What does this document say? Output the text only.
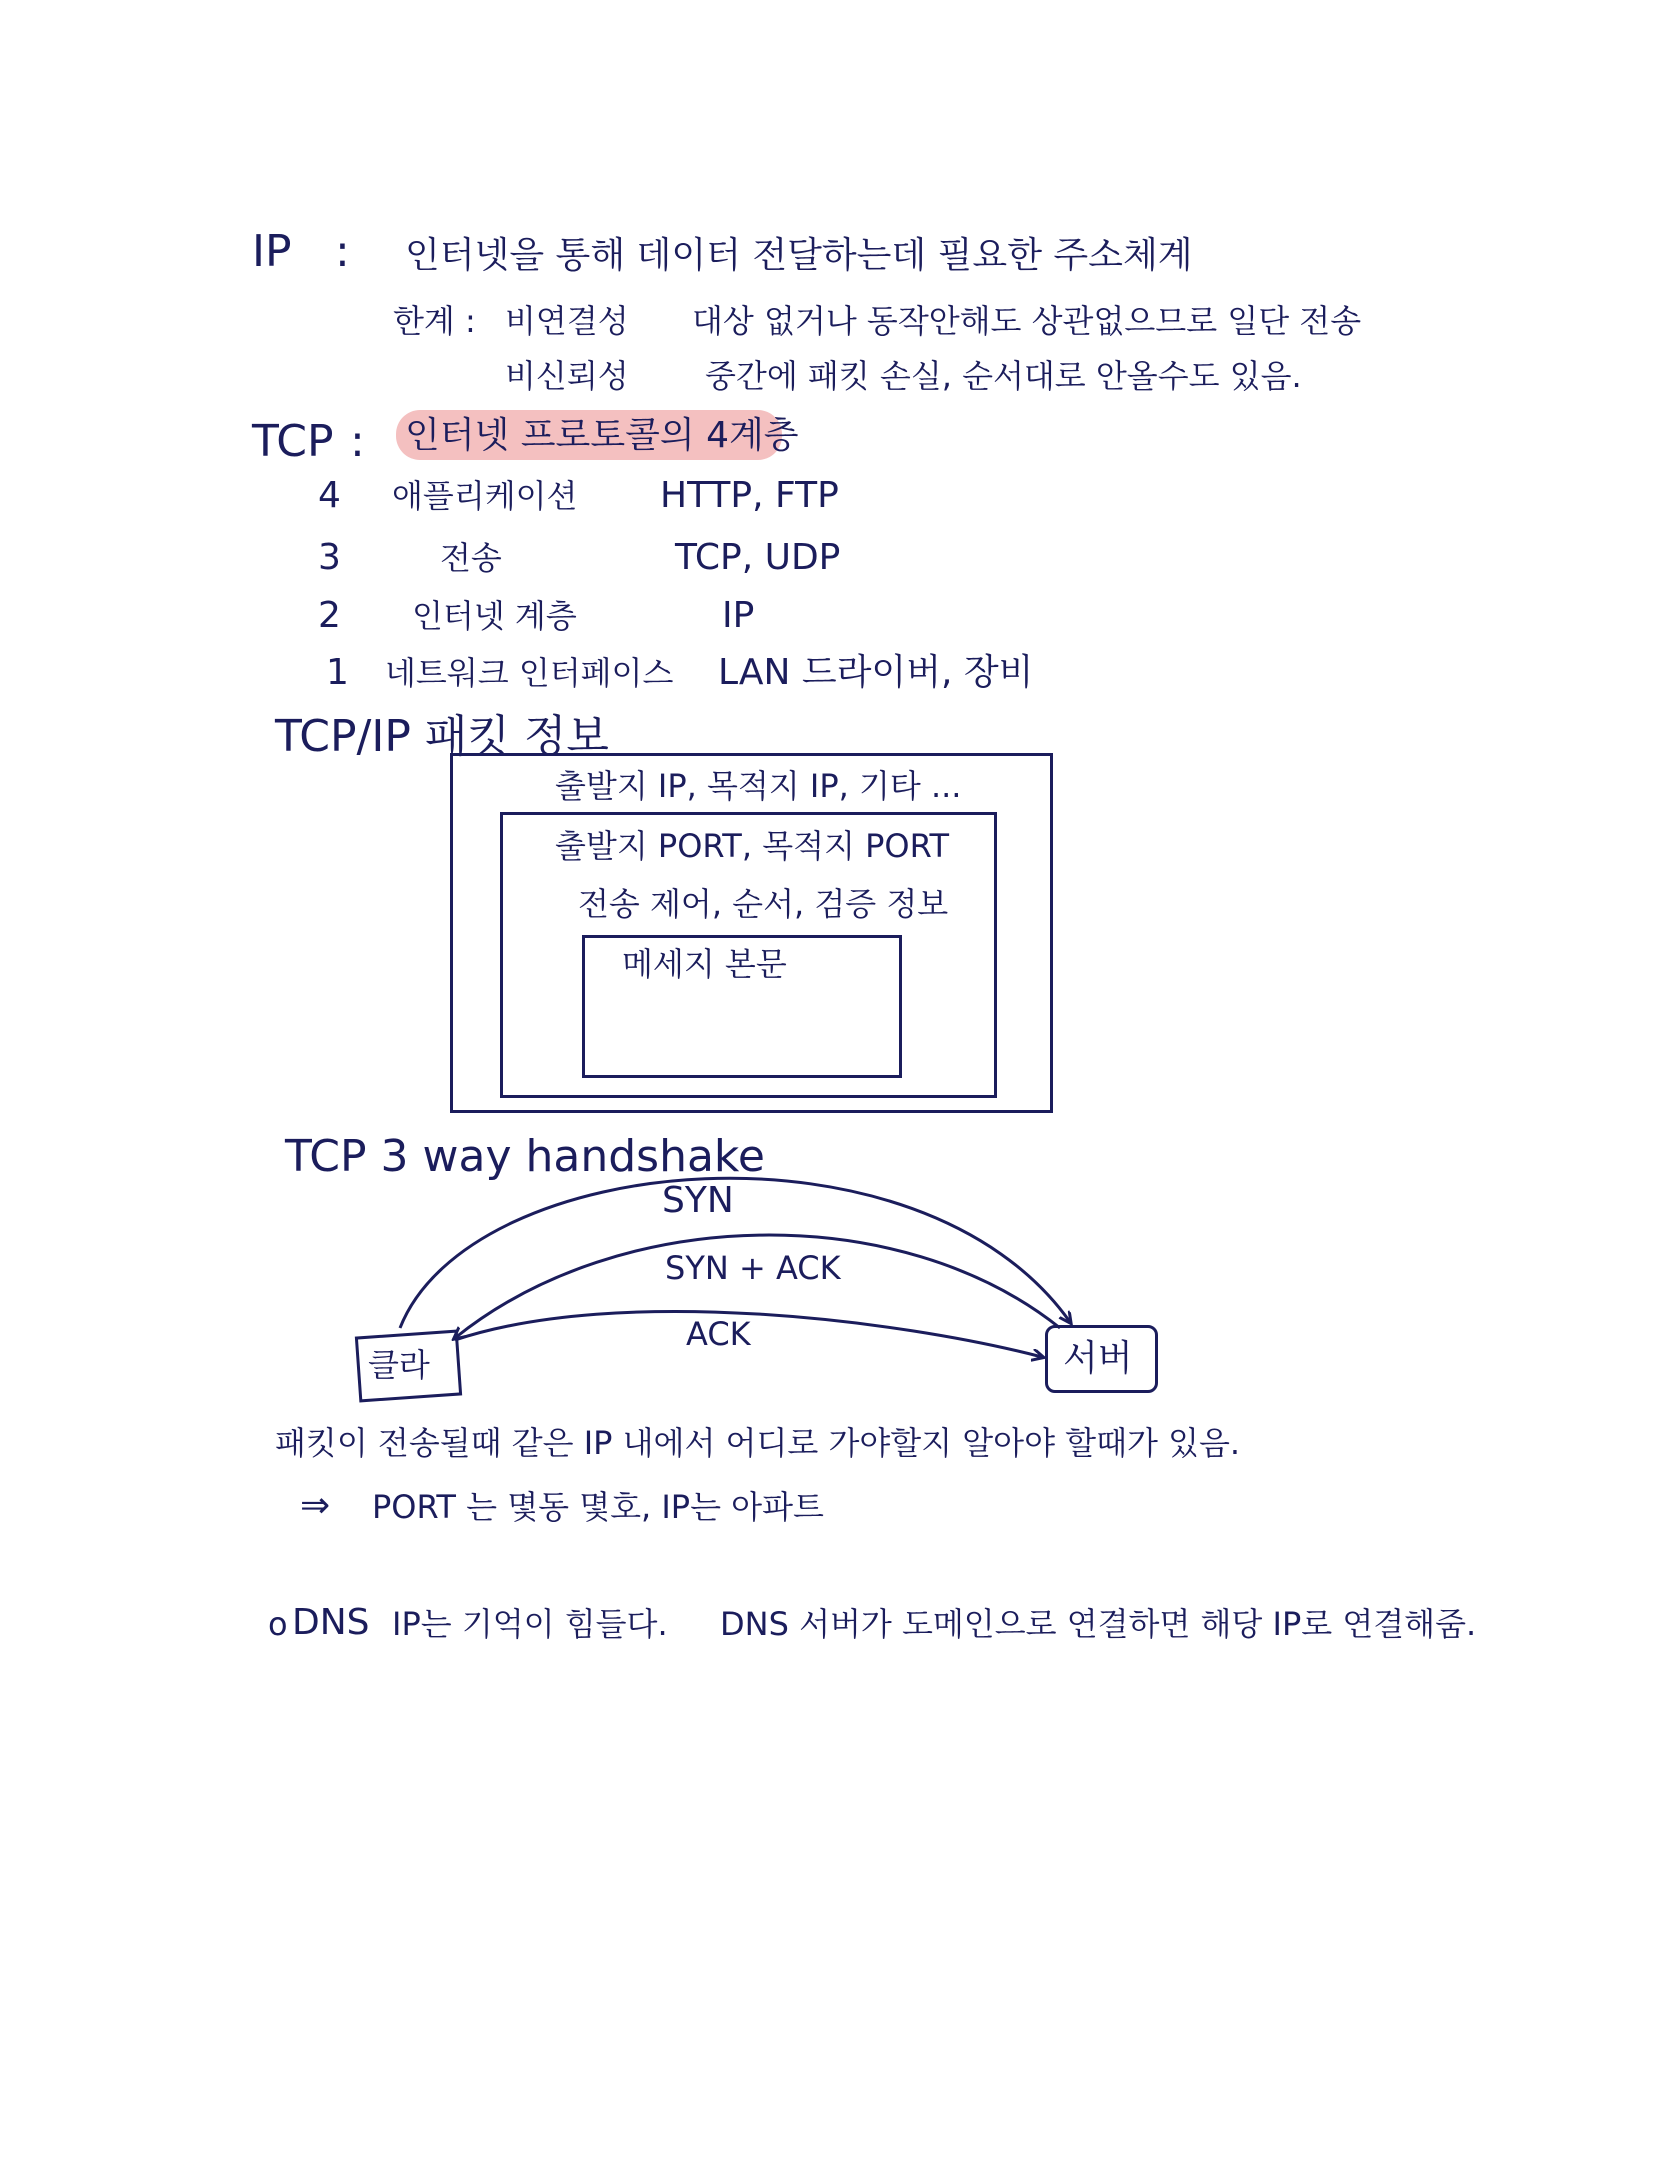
IP : 인터넷을 통해 데이터 전달하는데 필요한 주소체계
한계 : 비연결성 대상 없거나 동작안해도 상관없으므로 일단 전송
비신뢰성 중간에 패킷 손실, 순서대로 안올수도 있음.
TCP : 인터넷 프로토콜의 4계층
4 애플리케이션 HTTP, FTP
3	전송	TCP, UDP
2 인터넷 계층	IP
1 네트워크 인터페이스 LAN 드라이버, 장비
TCP/IP 패킷 정보
출발지 IP, 목적지 IP, 기타 ...
출발지 PORT, 목적지 PORT
전송 제어, 순서, 검증 정보
메세지 본문
TCP 3 way handshake
SYN
SYN + ACK
ACK
클라	서버
패킷이 전송될때 같은 IP 내에서 어디로 가야할지 알아야 할때가 있음.
⇒ PORT 는 몇동 몇호, IP는 아파트
o DNS IP는 기억이 힘들다. DNS 서버가 도메인으로 연결하면 해당 IP로 연결해줌.
